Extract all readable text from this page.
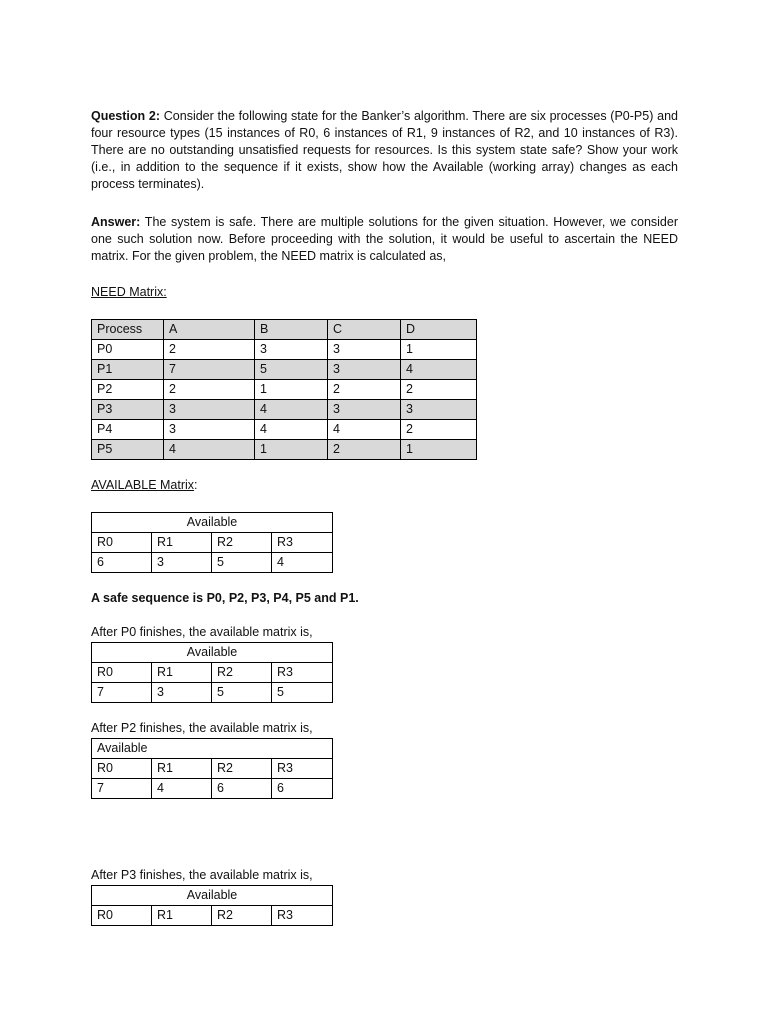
Question 2: Consider the following state for the Banker’s algorithm. There are six processes (P0-P5) and four resource types (15 instances of R0, 6 instances of R1, 9 instances of R2, and 10 instances of R3). There are no outstanding unsatisfied requests for resources. Is this system state safe? Show your work (i.e., in addition to the sequence if it exists, show how the Available (working array) changes as each process terminates).

Answer: The system is safe. There are multiple solutions for the given situation. However, we consider one such solution now. Before proceeding with the solution, it would be useful to ascertain the NEED matrix. For the given problem, the NEED matrix is calculated as,

NEED Matrix:
Process	A	B	C	D
P0	2	3	3	1
P1	7	5	3	4
P2	2	1	2	2
P3	3	4	3	3
P4	3	4	4	2
P5	4	1	2	1
AVAILABLE Matrix:
Available			
R0	R1	R2	R3
6	3	5	4
A safe sequence is P0, P2, P3, P4, P5 and P1.
After P0 finishes, the available matrix is,
Available			
R0	R1	R2	R3
7	3	5	5
After P2 finishes, the available matrix is,
Available			
R0	R1	R2	R3
7	4	6	6
After P3 finishes, the available matrix is,
Available
R0	R1	R2	R3
